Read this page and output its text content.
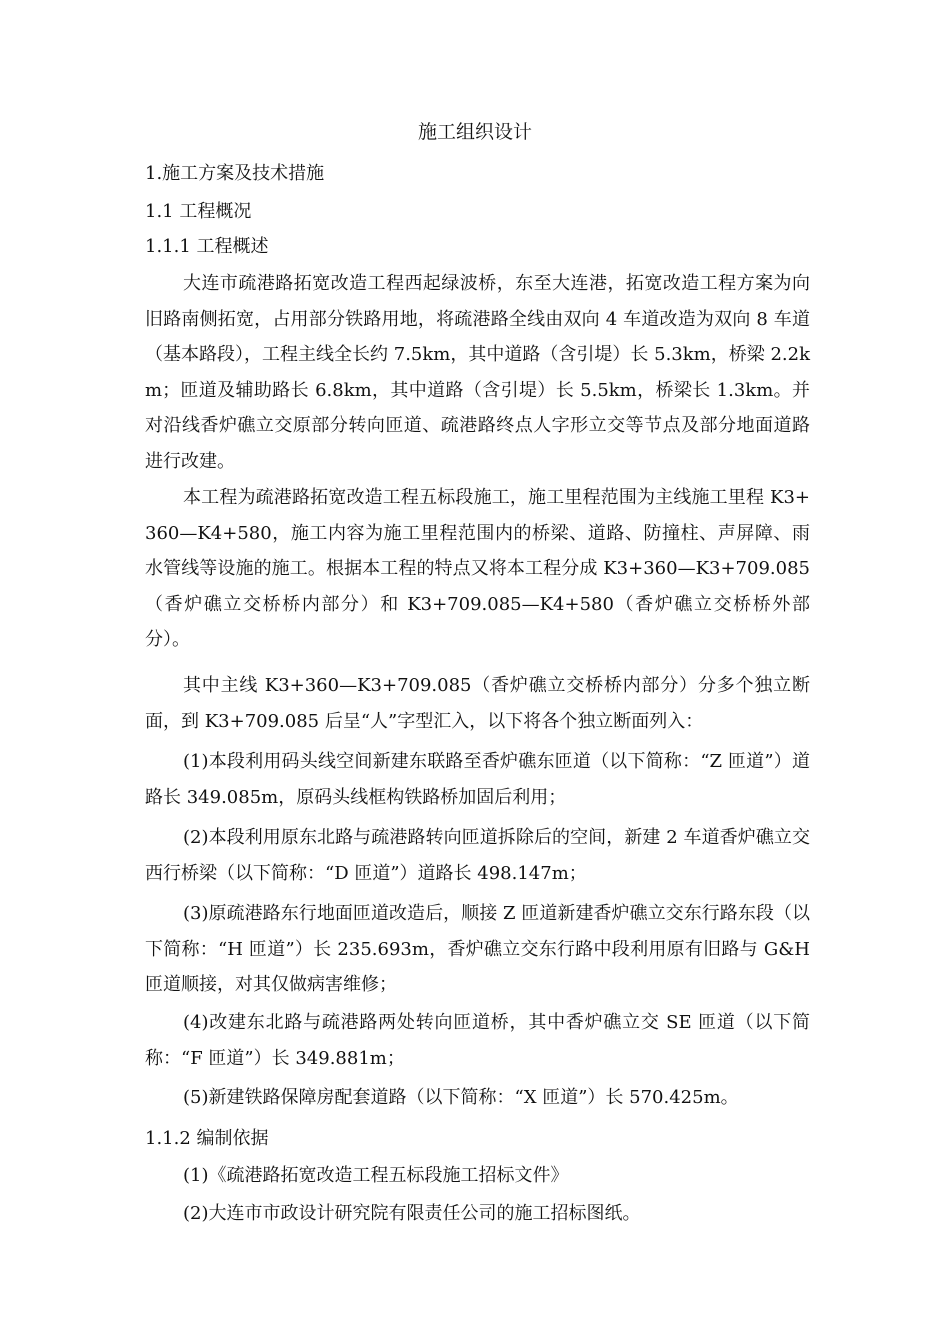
施工组织设计
1.施工方案及技术措施
1.1 工程概况
1.1.1 工程概述

大连市疏港路拓宽改造工程西起绿波桥，东至大连港，拓宽改造工程方案为向旧路南侧拓宽，占用部分铁路用地，将疏港路全线由双向 4 车道改造为双向 8 车道（基本路段），工程主线全长约 7.5km，其中道路（含引堤）长 5.3km，桥梁 2.2km；匝道及辅助路长 6.8km，其中道路（含引堤）长 5.5km，桥梁长 1.3km。并对沿线香炉礁立交原部分转向匝道、疏港路终点人字形立交等节点及部分地面道路进行改建。

本工程为疏港路拓宽改造工程五标段施工，施工里程范围为主线施工里程 K3+360—K4+580，施工内容为施工里程范围内的桥梁、道路、防撞柱、声屏障、雨水管线等设施的施工。根据本工程的特点又将本工程分成 K3+360—K3+709.085（香炉礁立交桥桥内部分）和 K3+709.085—K4+580（香炉礁立交桥桥外部分）。

其中主线 K3+360—K3+709.085（香炉礁立交桥桥内部分）分多个独立断面，到 K3+709.085 后呈“人”字型汇入，以下将各个独立断面列入：

(1)本段利用码头线空间新建东联路至香炉礁东匝道（以下简称：“Z 匝道”）道路长 349.085m，原码头线框构铁路桥加固后利用；

(2)本段利用原东北路与疏港路转向匝道拆除后的空间，新建 2 车道香炉礁立交西行桥梁（以下简称：“D 匝道”）道路长 498.147m；

(3)原疏港路东行地面匝道改造后，顺接 Z 匝道新建香炉礁立交东行路东段（以下简称：“H 匝道”）长 235.693m，香炉礁立交东行路中段利用原有旧路与 G&H 匝道顺接，对其仅做病害维修；

(4)改建东北路与疏港路两处转向匝道桥，其中香炉礁立交 SE 匝道（以下简称：“F 匝道”）长 349.881m；

(5)新建铁路保障房配套道路（以下简称：“X 匝道”）长 570.425m。

1.1.2 编制依据

(1)《疏港路拓宽改造工程五标段施工招标文件》

(2)大连市市政设计研究院有限责任公司的施工招标图纸。
